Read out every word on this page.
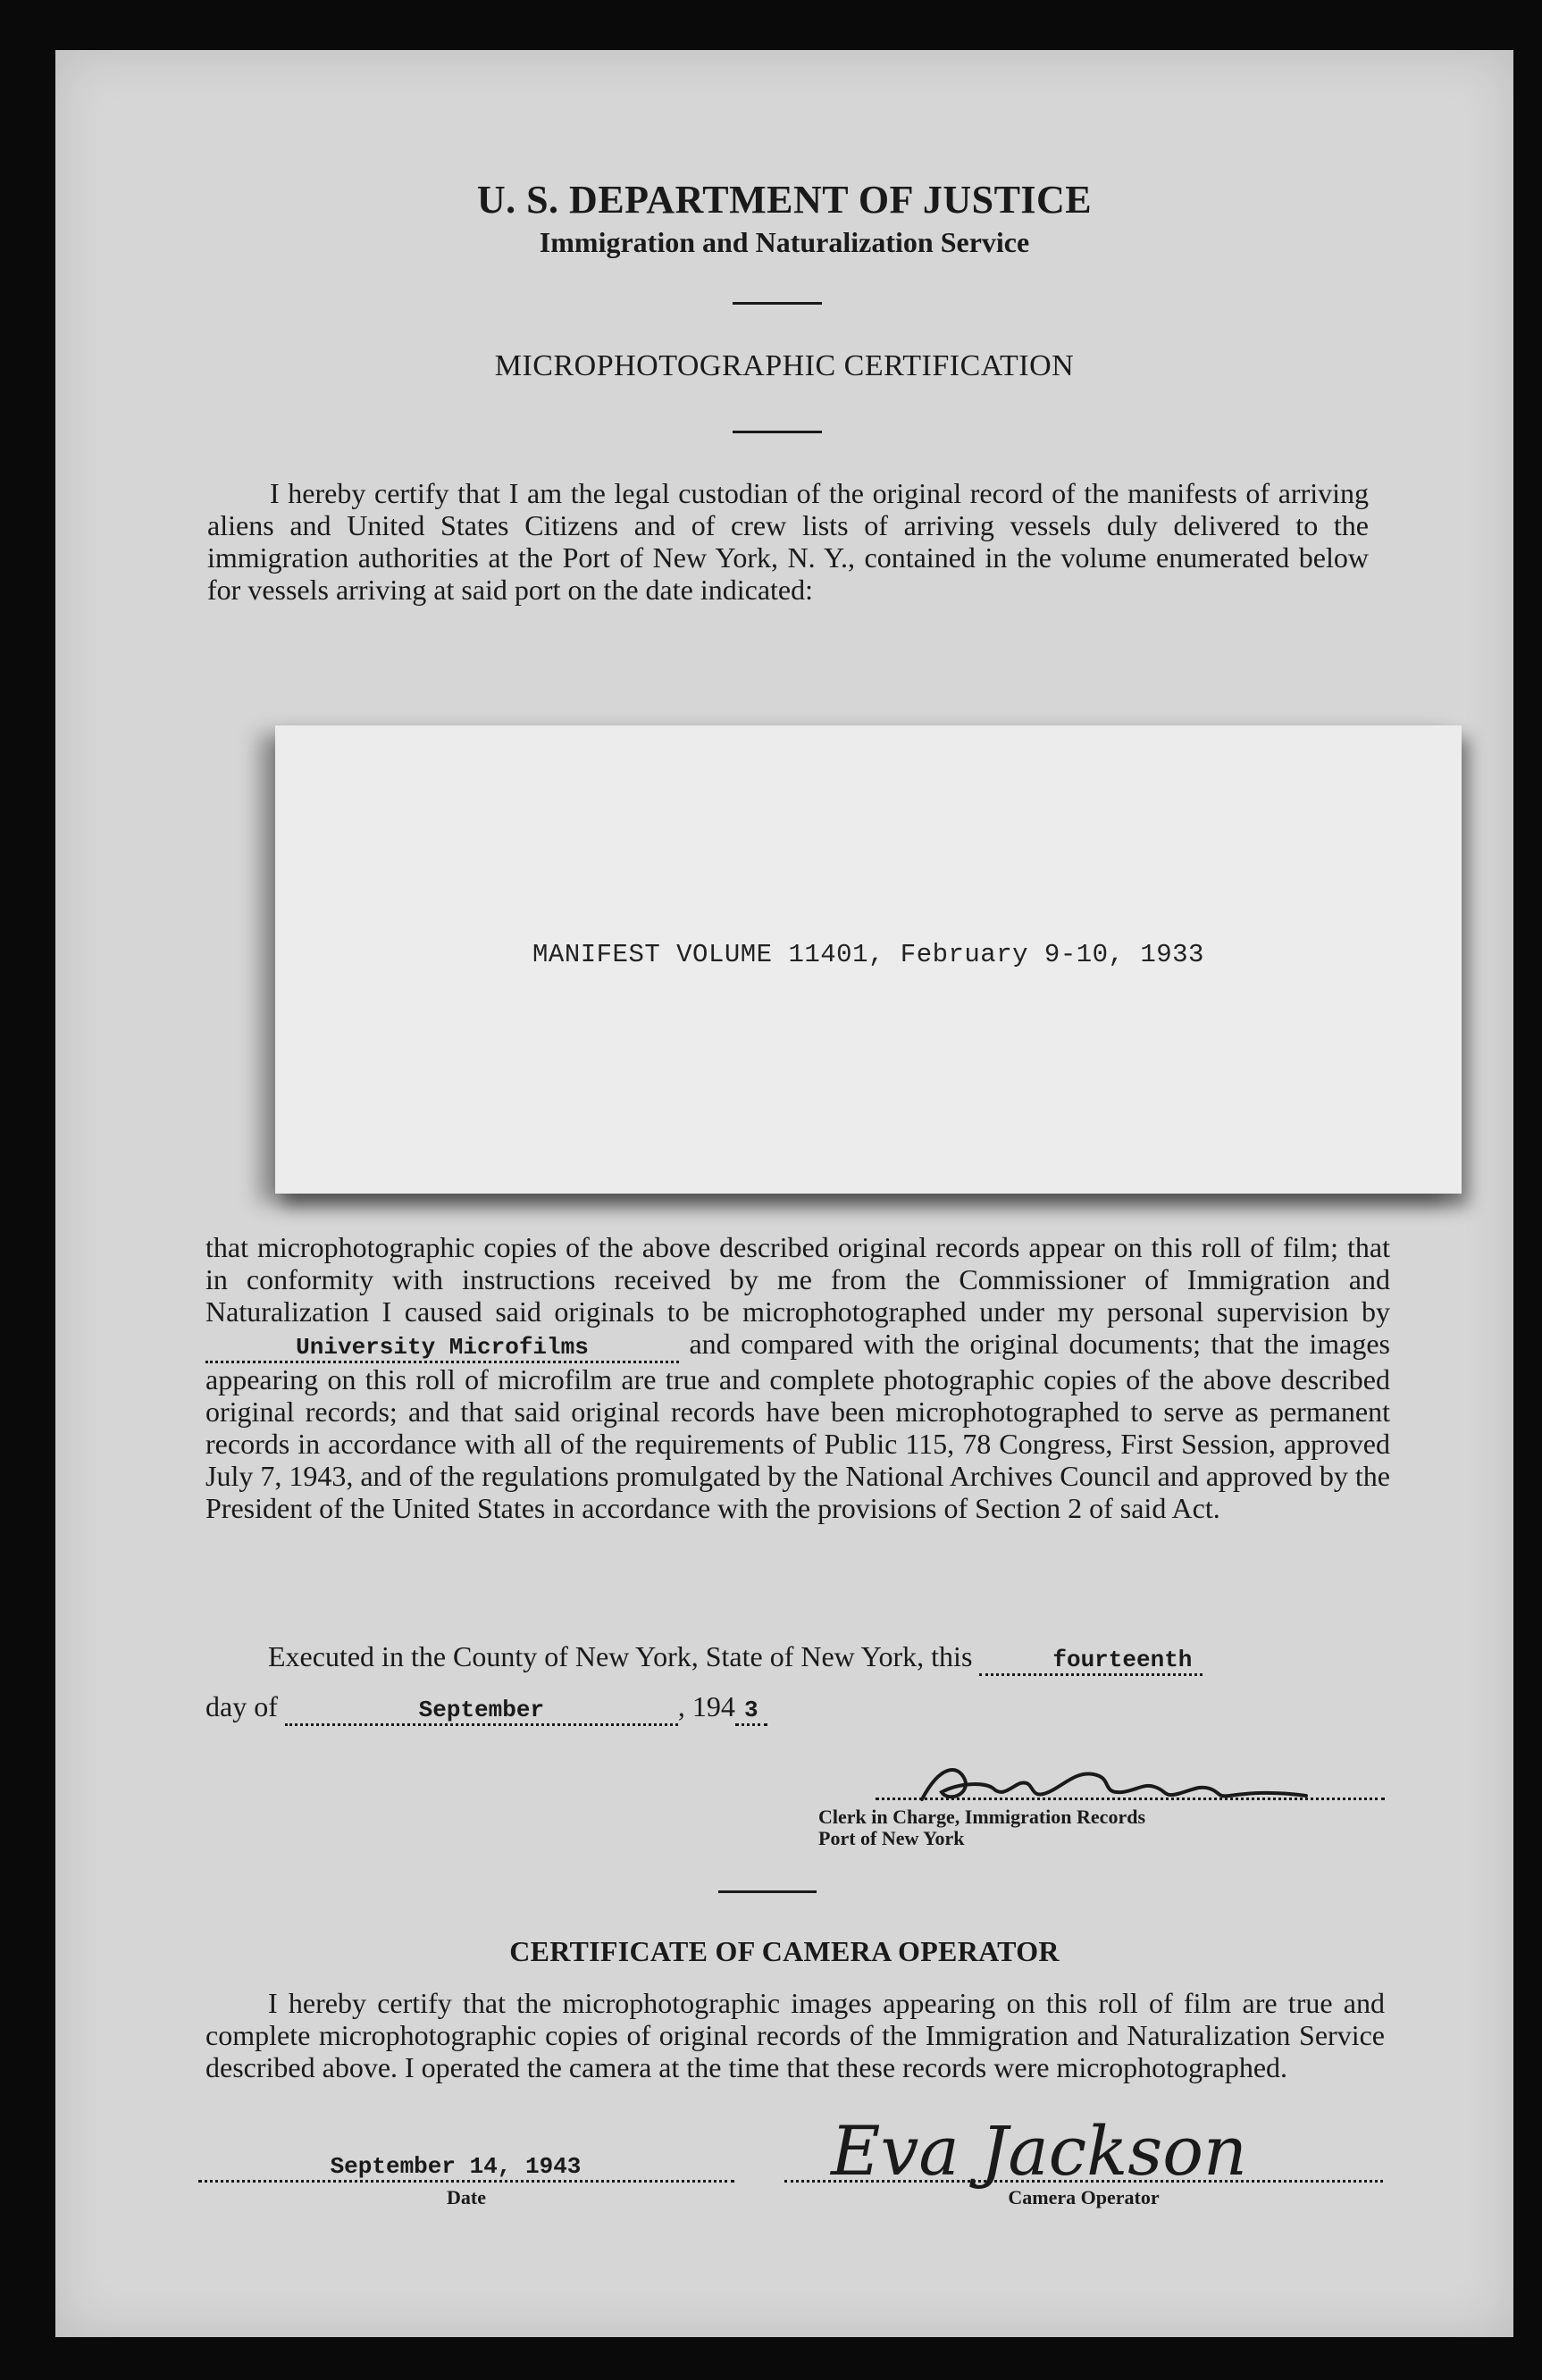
U. S. DEPARTMENT OF JUSTICE
Immigration and Naturalization Service
MICROPHOTOGRAPHIC CERTIFICATION

I hereby certify that I am the legal custodian of the original record of the manifests of arriving aliens and United States Citizens and of crew lists of arriving vessels duly delivered to the immigration authorities at the Port of New York, N. Y., contained in the volume enumerated below for vessels arriving at said port on the date indicated:

MANIFEST VOLUME 11401, February 9-10, 1933

that microphotographic copies of the above described original records appear on this roll of film; that in conformity with instructions received by me from the Commissioner of Immigration and Naturalization I caused said originals to be microphotographed under my personal supervision by University Microfilms	and compared with the original documents; that the images appearing on this roll of microfilm are true and complete photographic copies of the above described original records; and that said original records have been microphotographed to serve as permanent records in accordance with all of the requirements of Public 115, 78 Congress, First Session, approved July 7, 1943, and of the regulations promulgated by the National Archives Council and approved by the President of the United States in accordance with the provisions of Section 2 of said Act.

Executed in the County of New York, State of New York, this	fourteenth

day of	September	, 194 3

Clerk in Charge, Immigration Records
Port of New York
CERTIFICATE OF CAMERA OPERATOR

I hereby certify that the microphotographic images appearing on this roll of film are true and complete microphotographic copies of original records of the Immigration and Naturalization Service described above. I operated the camera at the time that these records were microphotographed.

September 14, 1943
Date
Eva Jackson
Camera Operator
